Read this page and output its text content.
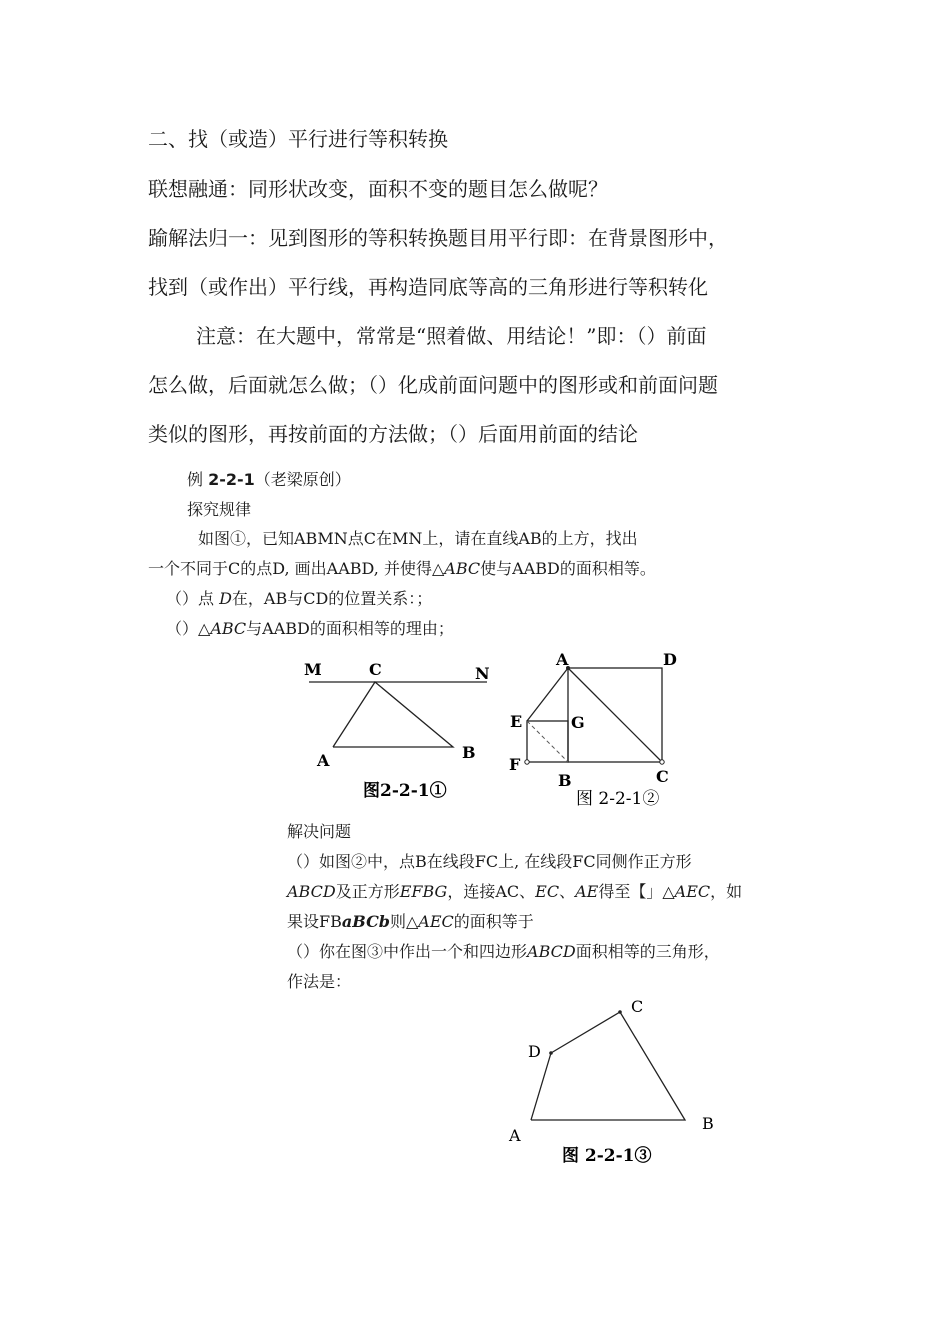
二、找（或造）平行进行等积转换
联想融通：同形状改变，面积不变的题目怎么做呢？
踰解法归一：见到图形的等积转换题目用平行即：在背景图形中，
找到（或作出）平行线，再构造同底等高的三角形进行等积转化
注意：在大题中，常常是“照着做、用结论！”即：（）前面
怎么做，后面就怎么做；（）化成前面问题中的图形或和前面问题
类似的图形，再按前面的方法做；（）后面用前面的结论
例 2-2-1（老梁原创）
探究规律
如图①，已知ABMN点C在MN上，请在直线AB的上方，找出
一个不同于C的点D, 画出AABD, 并使得△ABC使与AABD的面积相等。
（）点 D在，AB与CD的位置关系：；
（）△ABC与AABD的面积相等的理由；
M	C	N
A	B
图2-2-1①
A	D
E	G
F
B	C
图 2-2-1②
解决问题
（）如图②中，点B在线段FC上, 在线段FC同侧作正方形
ABCD及正方形EFBG，连接AC、EC、AE得至【」△AEC，如
果设FBaBCb则△AEC的面积等于
（）你在图③中作出一个和四边形ABCD面积相等的三角形，
作法是：
C
D
A
B
图 2-2-1③
